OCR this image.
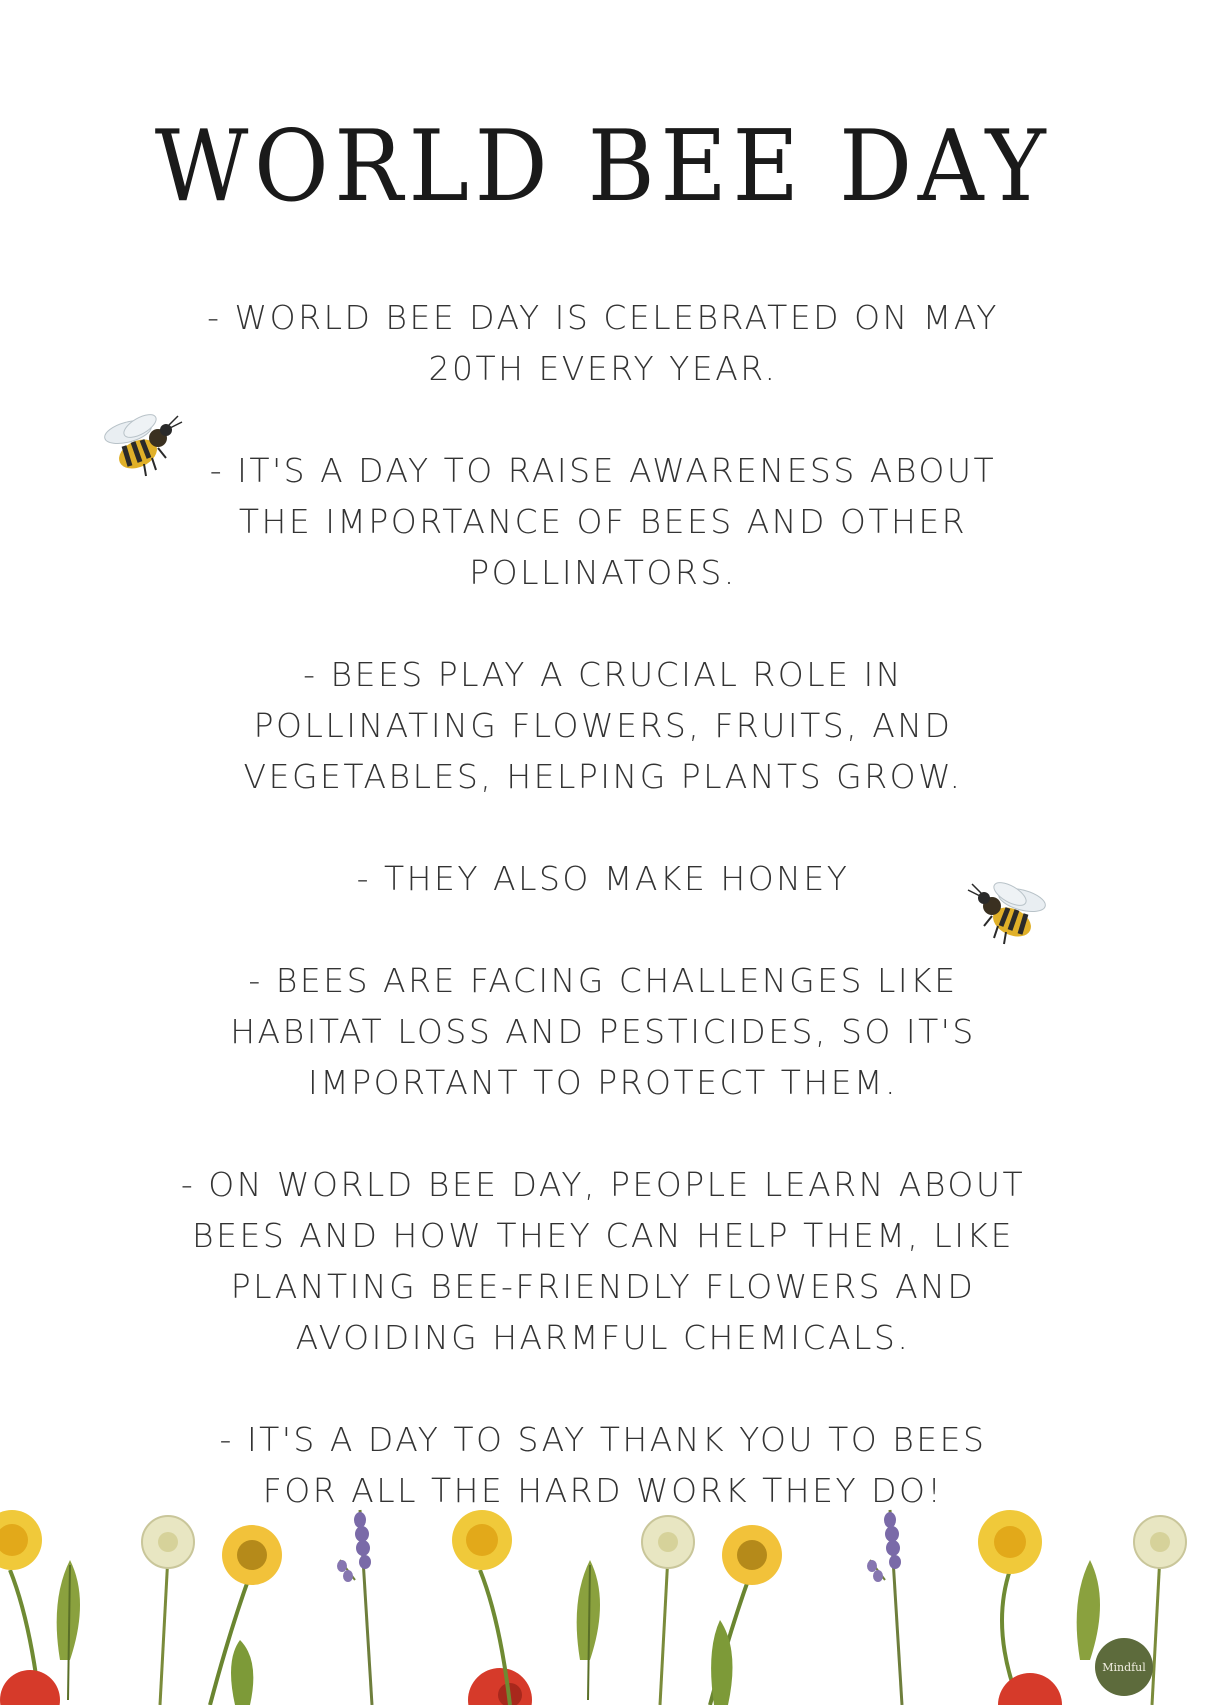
WORLD BEE DAY

- WORLD BEE DAY IS CELEBRATED ON MAY 20TH EVERY YEAR.

- IT'S A DAY TO RAISE AWARENESS ABOUT THE IMPORTANCE OF BEES AND OTHER POLLINATORS.

- BEES PLAY A CRUCIAL ROLE IN POLLINATING FLOWERS, FRUITS, AND VEGETABLES, HELPING PLANTS GROW.

- THEY ALSO MAKE HONEY

- BEES ARE FACING CHALLENGES LIKE HABITAT LOSS AND PESTICIDES, SO IT'S IMPORTANT TO PROTECT THEM.

- ON WORLD BEE DAY, PEOPLE LEARN ABOUT BEES AND HOW THEY CAN HELP THEM, LIKE PLANTING BEE-FRIENDLY FLOWERS AND AVOIDING HARMFUL CHEMICALS.

- IT'S A DAY TO SAY THANK YOU TO BEES FOR ALL THE HARD WORK THEY DO!

Mindful
